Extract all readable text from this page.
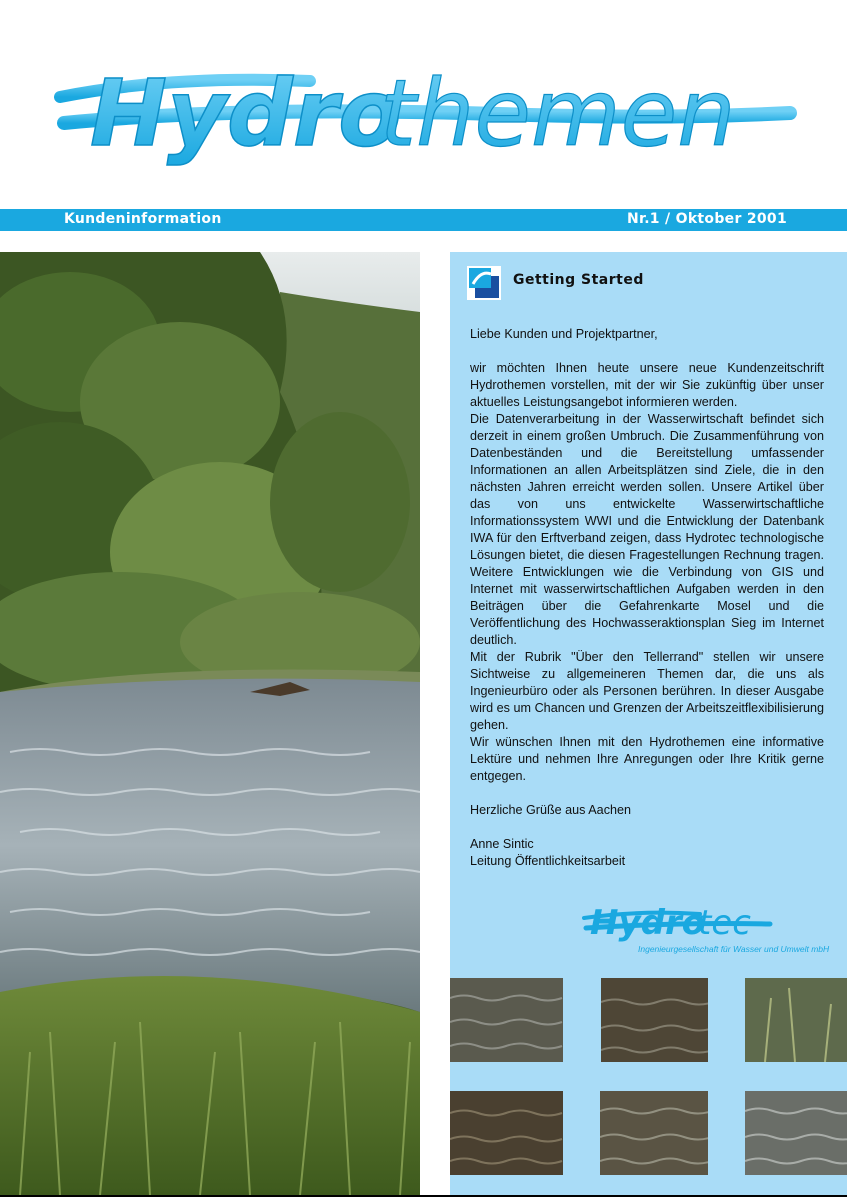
Hydro
themen
Kundeninformation	Nr.1 / Oktober 2001
Getting Started

Liebe Kunden und Projektpartner,

wir möchten Ihnen heute unsere neue Kundenzeitschrift Hydrothemen vorstellen, mit der wir Sie zukünftig über unser aktuelles Leistungsangebot informieren werden.

Die Datenverarbeitung in der Wasserwirtschaft befindet sich derzeit in einem großen Umbruch. Die Zusammenführung von Datenbeständen und die Bereitstellung umfassender Informationen an allen Arbeitsplätzen sind Ziele, die in den nächsten Jahren erreicht werden sollen. Unsere Artikel über das von uns entwickelte Wasserwirtschaftliche Informationssystem WWI und die Entwicklung der Datenbank IWA für den Erftverband zeigen, dass Hydrotec technologische Lösungen bietet, die diesen Fragestellungen Rechnung tragen. Weitere Entwicklungen wie die Verbindung von GIS und Internet mit wasserwirtschaftlichen Aufgaben werden in den Beiträgen über die Gefahrenkarte Mosel und die Veröffentlichung des Hochwasseraktionsplan Sieg im Internet deutlich.

Mit der Rubrik "Über den Tellerrand" stellen wir unsere Sichtweise zu allgemeineren Themen dar, die uns als Ingenieurbüro oder als Personen berühren. In dieser Ausgabe wird es um Chancen und Grenzen der Arbeitszeitflexibilisierung gehen.

Wir wünschen Ihnen mit den Hydrothemen eine informative Lektüre und nehmen Ihre Anregungen oder Ihre Kritik gerne entgegen.

Herzliche Grüße aus Aachen

Anne Sintic

Leitung Öffentlichkeitsarbeit

Hydro
tec
Ingenieurgesellschaft für Wasser und Umwelt mbH
